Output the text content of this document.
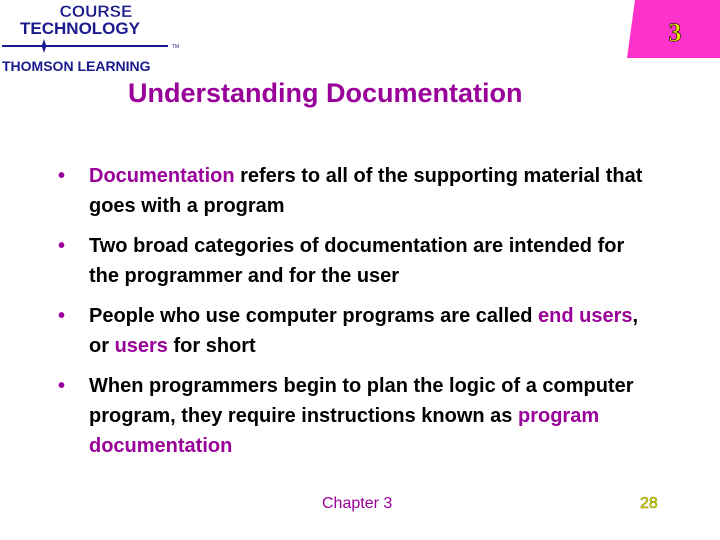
COURSE
TECHNOLOGY
TM
THOMSON LEARNING
3
Understanding Documentation
• Documentation refers to all of the supporting material that goes with a program
• Two broad categories of documentation are intended for the programmer and for the user
• People who use computer programs are called end users, or users for short
• When programmers begin to plan the logic of a computer program, they require instructions known as program documentation
Chapter 3	28
